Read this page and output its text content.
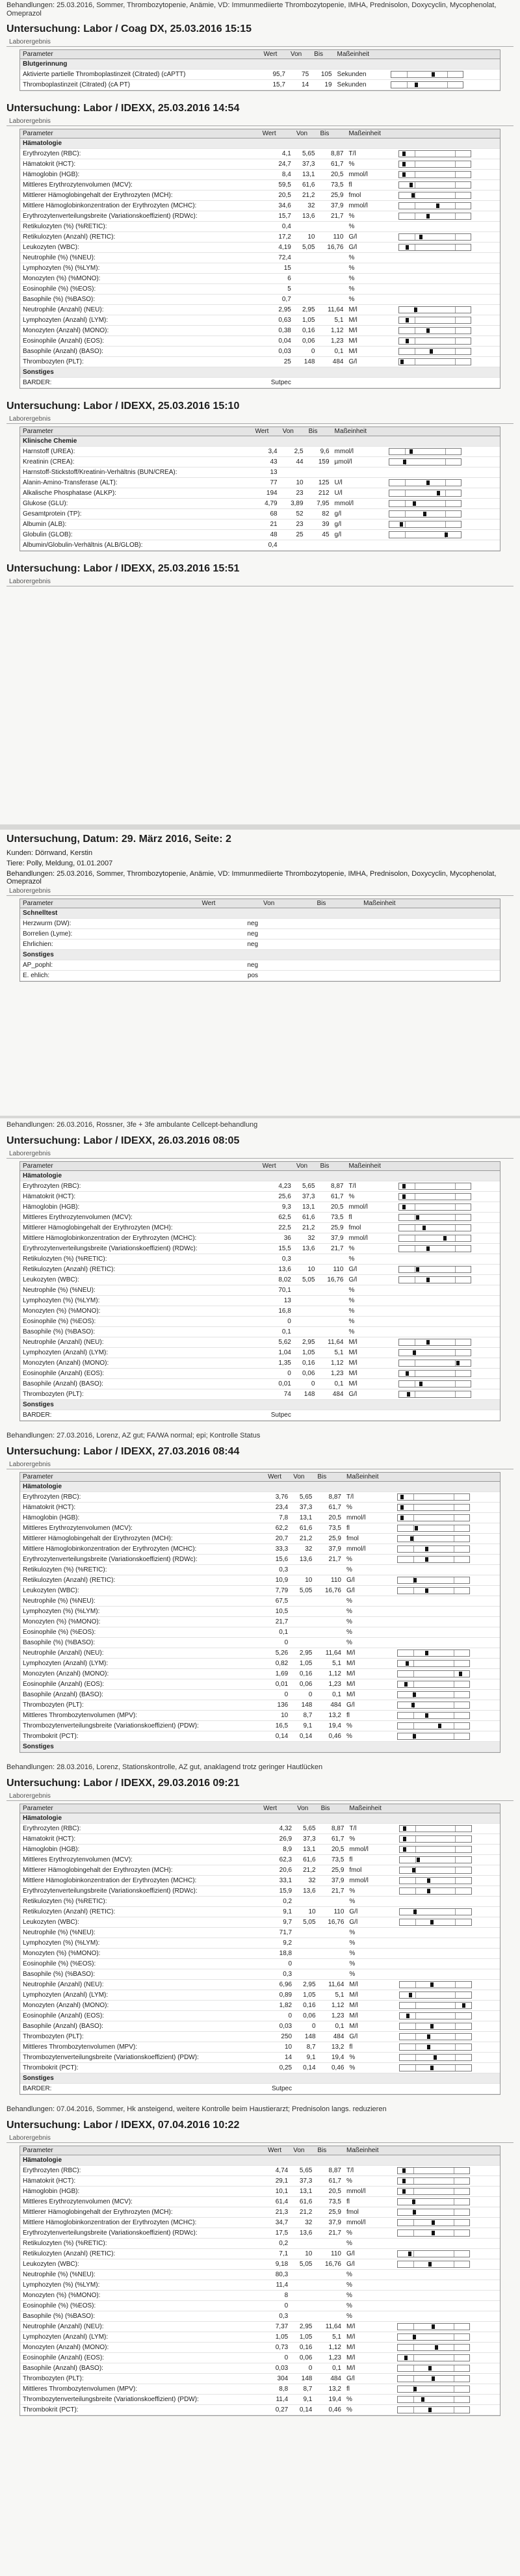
Behandlungen: 25.03.2016, Sommer, Thrombozytopenie, Anämie, VD: Immunmediierte Thrombozytopenie, IMHA, Prednisolon, Doxycyclin, Mycophenolat, Omeprazol
Untersuchung: Labor / Coag DX, 25.03.2016 15:15
Laborergebnis
Parameter	Wert	Von	Bis	Maßeinheit	
Blutgerinnung					
Aktivierte partielle Thromboplastinzeit (Citrated) (cAPTT)	95,7	75	105	Sekunden	

Thromboplastinzeit (Citrated) (cA PT)	15,7	14	19	Sekunden	
Untersuchung: Labor / IDEXX, 25.03.2016 14:54
Laborergebnis
Parameter	Wert	Von	Bis	Maßeinheit	
Hämatologie					
Erythrozyten (RBC):	4,1	5,65	8,87	T/l	

Hämatokrit (HCT):	24,7	37,3	61,7	%	

Hämoglobin (HGB):	8,4	13,1	20,5	mmol/l	

Mittleres Erythrozytenvolumen (MCV):	59,5	61,6	73,5	fl	

Mittlerer Hämoglobingehalt der Erythrozyten (MCH):	20,5	21,2	25,9	fmol	

Mittlere Hämoglobinkonzentration der Erythrozyten (MCHC):	34,6	32	37,9	mmol/l	

Erythrozytenverteilungsbreite (Variationskoeffizient) (RDWc):	15,7	13,6	21,7	%	

Retikulozyten (%) (%RETIC):	0,4			%	
Retikulozyten (Anzahl) (RETIC):	17,2	10	110	G/l	

Leukozyten (WBC):	4,19	5,05	16,76	G/l	

Neutrophile (%) (%NEU):	72,4			%	
Lymphozyten (%) (%LYM):	15			%	
Monozyten (%) (%MONO):	6			%	
Eosinophile (%) (%EOS):	5			%	
Basophile (%) (%BASO):	0,7			%	
Neutrophile (Anzahl) (NEU):	2,95	2,95	11,64	M/l	

Lymphozyten (Anzahl) (LYM):	0,63	1,05	5,1	M/l	

Monozyten (Anzahl) (MONO):	0,38	0,16	1,12	M/l	

Eosinophile (Anzahl) (EOS):	0,04	0,06	1,23	M/l	

Basophile (Anzahl) (BASO):	0,03	0	0,1	M/l	

Thrombozyten (PLT):	25	148	484	G/l	

Sonstiges					
BARDER:	Sutpec				
Untersuchung: Labor / IDEXX, 25.03.2016 15:10
Laborergebnis
Parameter	Wert	Von	Bis	Maßeinheit	
Klinische Chemie					
Harnstoff (UREA):	3,4	2,5	9,6	mmol/l	

Kreatinin (CREA):	43	44	159	µmol/l	

Harnstoff-Stickstoff/Kreatinin-Verhältnis (BUN/CREA):	13				
Alanin-Amino-Transferase (ALT):	77	10	125	U/l	

Alkalische Phosphatase (ALKP):	194	23	212	U/l	

Glukose (GLU):	4,79	3,89	7,95	mmol/l	

Gesamtprotein (TP):	68	52	82	g/l	

Albumin (ALB):	21	23	39	g/l	

Globulin (GLOB):	48	25	45	g/l	

Albumin/Globulin-Verhältnis (ALB/GLOB):	0,4				
Untersuchung: Labor / IDEXX, 25.03.2016 15:51
Laborergebnis
Untersuchung, Datum: 29. März 2016, Seite: 2
Kunden: Dörrwand, Kerstin
Tiere: Polly, Meldung, 01.01.2007
Behandlungen: 25.03.2016, Sommer, Thrombozytopenie, Anämie, VD: Immunmediierte Thrombozytopenie, IMHA, Prednisolon, Doxycyclin, Mycophenolat, Omeprazol
Laborergebnis
Parameter	Wert	Von	Bis	Maßeinheit	
Schnelltest					
Herzwurm (DW):	neg				
Borrelien (Lyme):	neg				
Ehrlichien:	neg				
Sonstiges					
AP_pophl:	neg				
E. ehlich:	pos				
Behandlungen: 26.03.2016, Rossner, 3fe + 3fe ambulante Cellcept-behandlung
Untersuchung: Labor / IDEXX, 26.03.2016 08:05
Laborergebnis
Parameter	Wert	Von	Bis	Maßeinheit	
Hämatologie					
Erythrozyten (RBC):	4,23	5,65	8,87	T/l	

Hämatokrit (HCT):	25,6	37,3	61,7	%	

Hämoglobin (HGB):	9,3	13,1	20,5	mmol/l	

Mittleres Erythrozytenvolumen (MCV):	62,5	61,6	73,5	fl	

Mittlerer Hämoglobingehalt der Erythrozyten (MCH):	22,5	21,2	25,9	fmol	

Mittlere Hämoglobinkonzentration der Erythrozyten (MCHC):	36	32	37,9	mmol/l	

Erythrozytenverteilungsbreite (Variationskoeffizient) (RDWc):	15,5	13,6	21,7	%	

Retikulozyten (%) (%RETIC):	0,3			%	
Retikulozyten (Anzahl) (RETIC):	13,6	10	110	G/l	

Leukozyten (WBC):	8,02	5,05	16,76	G/l	

Neutrophile (%) (%NEU):	70,1			%	
Lymphozyten (%) (%LYM):	13			%	
Monozyten (%) (%MONO):	16,8			%	
Eosinophile (%) (%EOS):	0			%	
Basophile (%) (%BASO):	0,1			%	
Neutrophile (Anzahl) (NEU):	5,62	2,95	11,64	M/l	

Lymphozyten (Anzahl) (LYM):	1,04	1,05	5,1	M/l	

Monozyten (Anzahl) (MONO):	1,35	0,16	1,12	M/l	

Eosinophile (Anzahl) (EOS):	0	0,06	1,23	M/l	

Basophile (Anzahl) (BASO):	0,01	0	0,1	M/l	

Thrombozyten (PLT):	74	148	484	G/l	

Sonstiges					
BARDER:	Sutpec				
Behandlungen: 27.03.2016, Lorenz, AZ gut; FA/WA normal; epi; Kontrolle Status
Untersuchung: Labor / IDEXX, 27.03.2016 08:44
Laborergebnis
Parameter	Wert	Von	Bis	Maßeinheit	
Hämatologie					
Erythrozyten (RBC):	3,76	5,65	8,87	T/l	

Hämatokrit (HCT):	23,4	37,3	61,7	%	

Hämoglobin (HGB):	7,8	13,1	20,5	mmol/l	

Mittleres Erythrozytenvolumen (MCV):	62,2	61,6	73,5	fl	

Mittlerer Hämoglobingehalt der Erythrozyten (MCH):	20,7	21,2	25,9	fmol	

Mittlere Hämoglobinkonzentration der Erythrozyten (MCHC):	33,3	32	37,9	mmol/l	

Erythrozytenverteilungsbreite (Variationskoeffizient) (RDWc):	15,6	13,6	21,7	%	

Retikulozyten (%) (%RETIC):	0,3			%	
Retikulozyten (Anzahl) (RETIC):	10,9	10	110	G/l	

Leukozyten (WBC):	7,79	5,05	16,76	G/l	

Neutrophile (%) (%NEU):	67,5			%	
Lymphozyten (%) (%LYM):	10,5			%	
Monozyten (%) (%MONO):	21,7			%	
Eosinophile (%) (%EOS):	0,1			%	
Basophile (%) (%BASO):	0			%	
Neutrophile (Anzahl) (NEU):	5,26	2,95	11,64	M/l	

Lymphozyten (Anzahl) (LYM):	0,82	1,05	5,1	M/l	

Monozyten (Anzahl) (MONO):	1,69	0,16	1,12	M/l	

Eosinophile (Anzahl) (EOS):	0,01	0,06	1,23	M/l	

Basophile (Anzahl) (BASO):	0	0	0,1	M/l	

Thrombozyten (PLT):	136	148	484	G/l	

Mittleres Thrombozytenvolumen (MPV):	10	8,7	13,2	fl	

Thrombozytenverteilungsbreite (Variationskoeffizient) (PDW):	16,5	9,1	19,4	%	

Thrombokrit (PCT):	0,14	0,14	0,46	%	

Sonstiges					
Behandlungen: 28.03.2016, Lorenz, Stationskontrolle, AZ gut, anaklagend trotz geringer Hautlücken
Untersuchung: Labor / IDEXX, 29.03.2016 09:21
Laborergebnis
Parameter	Wert	Von	Bis	Maßeinheit	
Hämatologie					
Erythrozyten (RBC):	4,32	5,65	8,87	T/l	

Hämatokrit (HCT):	26,9	37,3	61,7	%	

Hämoglobin (HGB):	8,9	13,1	20,5	mmol/l	

Mittleres Erythrozytenvolumen (MCV):	62,3	61,6	73,5	fl	

Mittlerer Hämoglobingehalt der Erythrozyten (MCH):	20,6	21,2	25,9	fmol	

Mittlere Hämoglobinkonzentration der Erythrozyten (MCHC):	33,1	32	37,9	mmol/l	

Erythrozytenverteilungsbreite (Variationskoeffizient) (RDWc):	15,9	13,6	21,7	%	

Retikulozyten (%) (%RETIC):	0,2			%	
Retikulozyten (Anzahl) (RETIC):	9,1	10	110	G/l	

Leukozyten (WBC):	9,7	5,05	16,76	G/l	

Neutrophile (%) (%NEU):	71,7			%	
Lymphozyten (%) (%LYM):	9,2			%	
Monozyten (%) (%MONO):	18,8			%	
Eosinophile (%) (%EOS):	0			%	
Basophile (%) (%BASO):	0,3			%	
Neutrophile (Anzahl) (NEU):	6,96	2,95	11,64	M/l	

Lymphozyten (Anzahl) (LYM):	0,89	1,05	5,1	M/l	

Monozyten (Anzahl) (MONO):	1,82	0,16	1,12	M/l	

Eosinophile (Anzahl) (EOS):	0	0,06	1,23	M/l	

Basophile (Anzahl) (BASO):	0,03	0	0,1	M/l	

Thrombozyten (PLT):	250	148	484	G/l	

Mittleres Thrombozytenvolumen (MPV):	10	8,7	13,2	fl	

Thrombozytenverteilungsbreite (Variationskoeffizient) (PDW):	14	9,1	19,4	%	

Thrombokrit (PCT):	0,25	0,14	0,46	%	

Sonstiges					
BARDER:	Sutpec				
Behandlungen: 07.04.2016, Sommer, Hk ansteigend, weitere Kontrolle beim Haustierarzt; Prednisolon langs. reduzieren
Untersuchung: Labor / IDEXX, 07.04.2016 10:22
Laborergebnis
Parameter	Wert	Von	Bis	Maßeinheit	
Hämatologie					
Erythrozyten (RBC):	4,74	5,65	8,87	T/l	

Hämatokrit (HCT):	29,1	37,3	61,7	%	

Hämoglobin (HGB):	10,1	13,1	20,5	mmol/l	

Mittleres Erythrozytenvolumen (MCV):	61,4	61,6	73,5	fl	

Mittlerer Hämoglobingehalt der Erythrozyten (MCH):	21,3	21,2	25,9	fmol	

Mittlere Hämoglobinkonzentration der Erythrozyten (MCHC):	34,7	32	37,9	mmol/l	

Erythrozytenverteilungsbreite (Variationskoeffizient) (RDWc):	17,5	13,6	21,7	%	

Retikulozyten (%) (%RETIC):	0,2			%	
Retikulozyten (Anzahl) (RETIC):	7,1	10	110	G/l	

Leukozyten (WBC):	9,18	5,05	16,76	G/l	

Neutrophile (%) (%NEU):	80,3			%	
Lymphozyten (%) (%LYM):	11,4			%	
Monozyten (%) (%MONO):	8			%	
Eosinophile (%) (%EOS):	0			%	
Basophile (%) (%BASO):	0,3			%	
Neutrophile (Anzahl) (NEU):	7,37	2,95	11,64	M/l	

Lymphozyten (Anzahl) (LYM):	1,05	1,05	5,1	M/l	

Monozyten (Anzahl) (MONO):	0,73	0,16	1,12	M/l	

Eosinophile (Anzahl) (EOS):	0	0,06	1,23	M/l	

Basophile (Anzahl) (BASO):	0,03	0	0,1	M/l	

Thrombozyten (PLT):	304	148	484	G/l	

Mittleres Thrombozytenvolumen (MPV):	8,8	8,7	13,2	fl	

Thrombozytenverteilungsbreite (Variationskoeffizient) (PDW):	11,4	9,1	19,4	%	

Thrombokrit (PCT):	0,27	0,14	0,46	%	
